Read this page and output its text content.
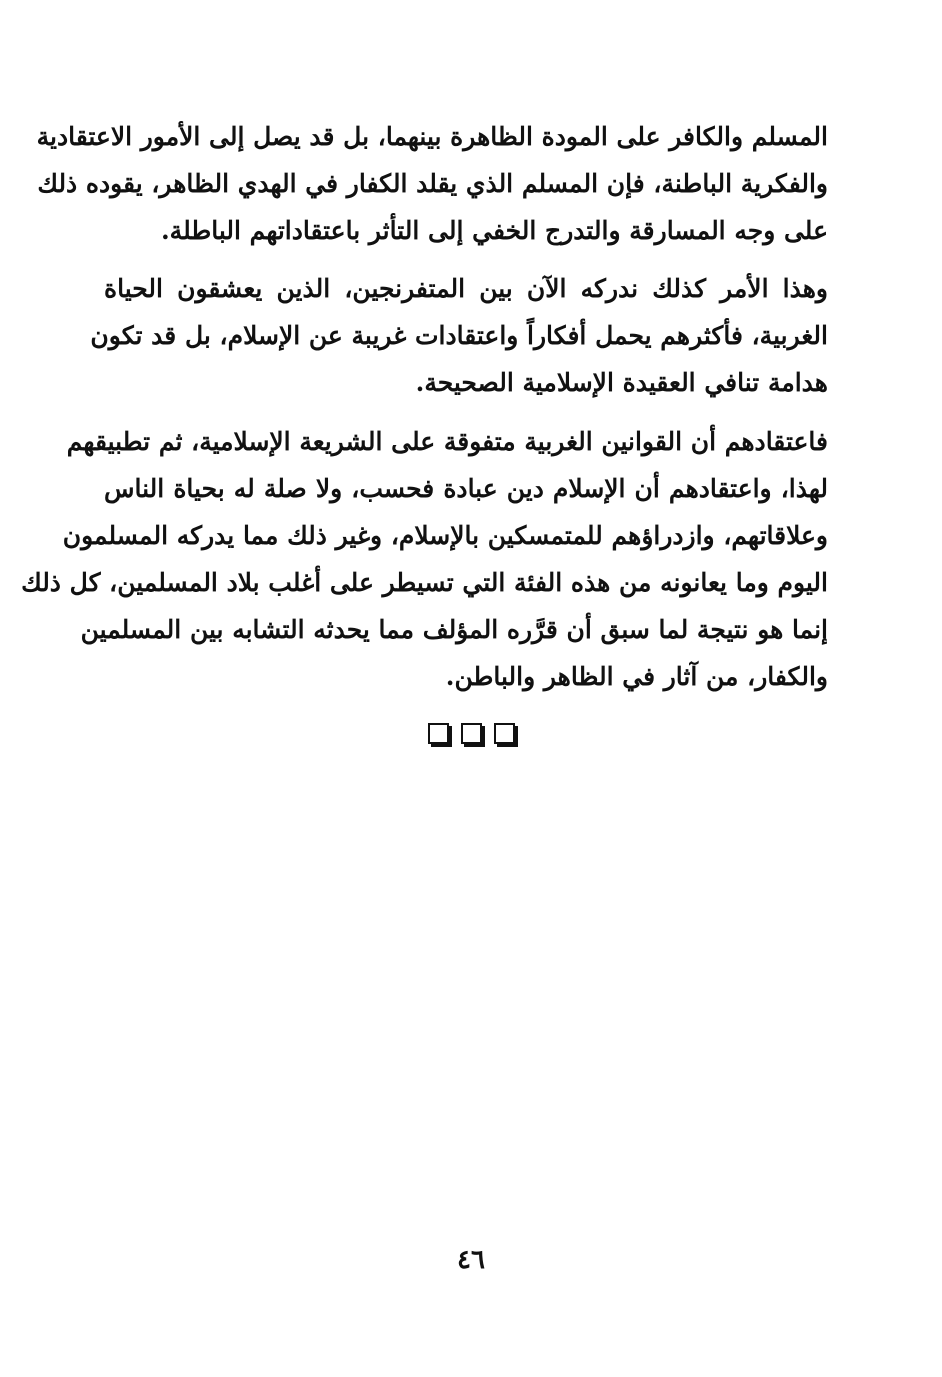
المسلم والكافر على المودة الظاهرة بينهما، بل قد يصل إلى الأمور الاعتقادية
والفكرية الباطنة، فإن المسلم الذي يقلد الكفار في الهدي الظاهر، يقوده ذلك
على وجه المسارقة والتدرج الخفي إلى التأثر باعتقاداتهم الباطلة.
وهذا الأمر كذلك ندركه الآن بين المتفرنجين، الذين يعشقون الحياة
الغربية، فأكثرهم يحمل أفكاراً واعتقادات غريبة عن الإسلام، بل قد تكون
هدامة تنافي العقيدة الإسلامية الصحيحة.
فاعتقادهم أن القوانين الغربية متفوقة على الشريعة الإسلامية، ثم تطبيقهم
لهذا، واعتقادهم أن الإسلام دين عبادة فحسب، ولا صلة له بحياة الناس
وعلاقاتهم، وازدراؤهم للمتمسكين بالإسلام، وغير ذلك مما يدركه المسلمون
اليوم وما يعانونه من هذه الفئة التي تسيطر على أغلب بلاد المسلمين، كل ذلك
إنما هو نتيجة لما سبق أن قرَّره المؤلف مما يحدثه التشابه بين المسلمين
والكفار، من آثار في الظاهر والباطن.
٤٦
